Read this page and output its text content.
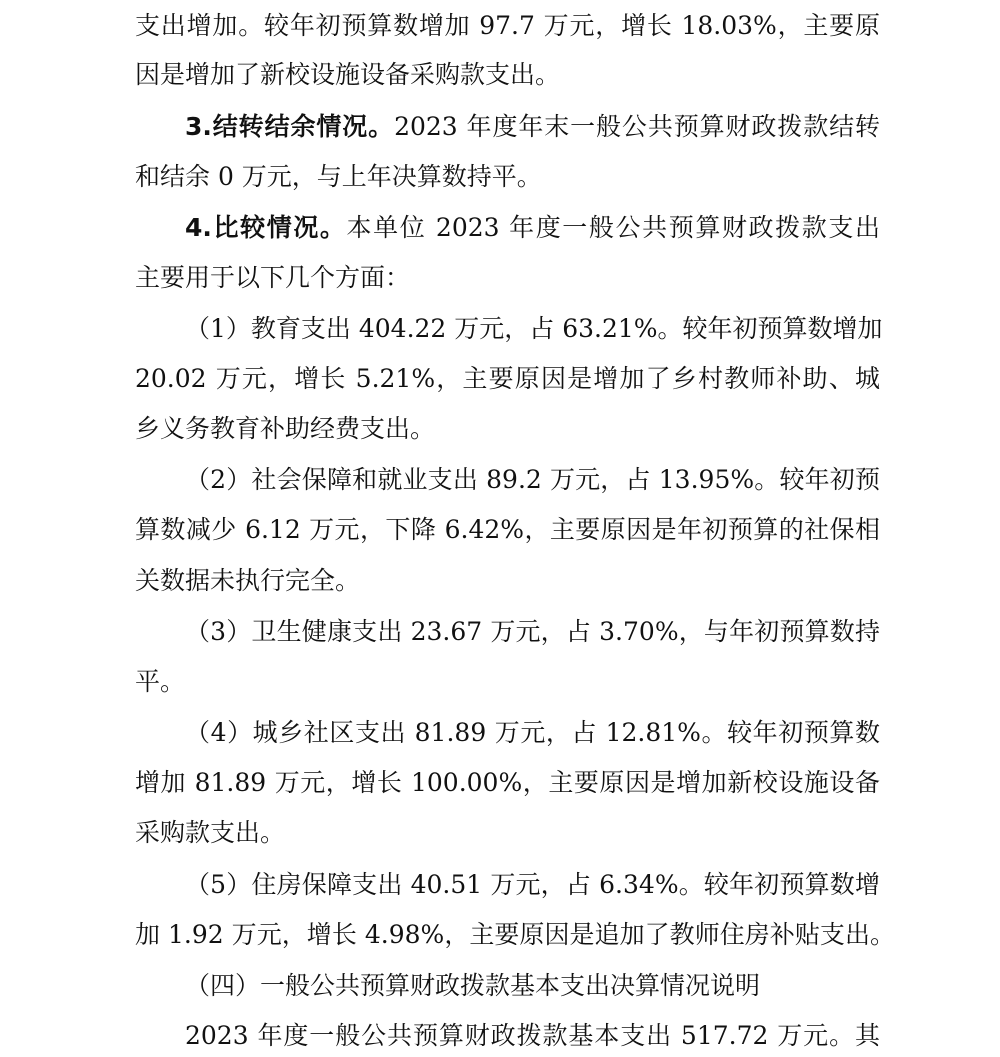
支出增加。较年初预算数增加 97.7 万元，增长 18.03%，主要原
因是增加了新校设施设备采购款支出。
3.结转结余情况。2023 年度年末一般公共预算财政拨款结转
和结余 0 万元，与上年决算数持平。
4.比较情况。本单位 2023 年度一般公共预算财政拨款支出
主要用于以下几个方面：
（1）教育支出 404.22 万元，占 63.21%。较年初预算数增加
20.02 万元，增长 5.21%，主要原因是增加了乡村教师补助、城
乡义务教育补助经费支出。
（2）社会保障和就业支出 89.2 万元，占 13.95%。较年初预
算数减少 6.12 万元，下降 6.42%，主要原因是年初预算的社保相
关数据未执行完全。
（3）卫生健康支出 23.67 万元，占 3.70%，与年初预算数持
平。
（4）城乡社区支出 81.89 万元，占 12.81%。较年初预算数
增加 81.89 万元，增长 100.00%，主要原因是增加新校设施设备
采购款支出。
（5）住房保障支出 40.51 万元，占 6.34%。较年初预算数增
加 1.92 万元，增长 4.98%，主要原因是追加了教师住房补贴支出。
（四）一般公共预算财政拨款基本支出决算情况说明
2023 年度一般公共预算财政拨款基本支出 517.72 万元。其
